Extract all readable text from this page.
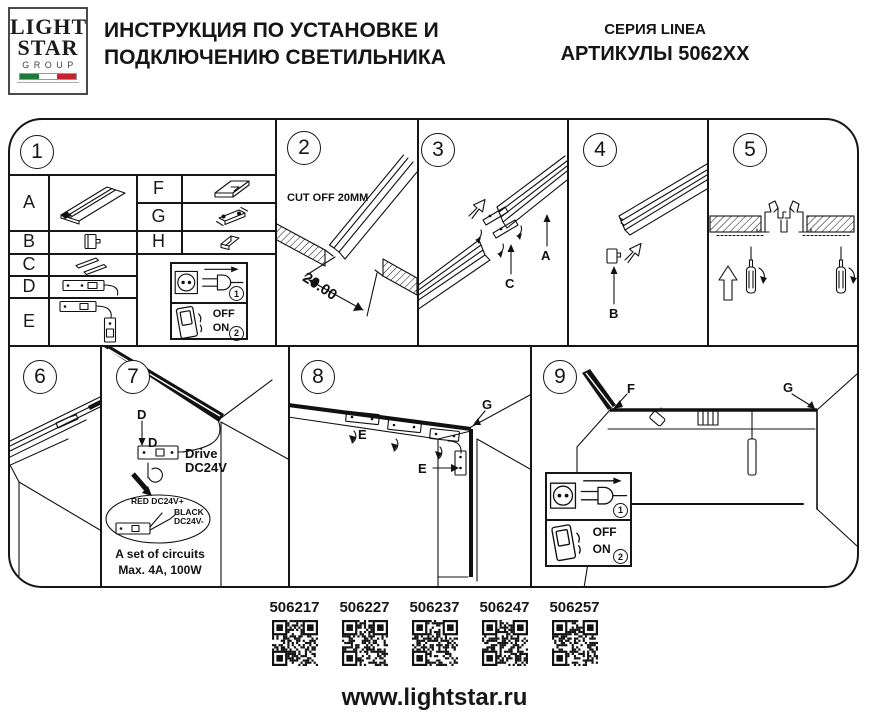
LIGHT
STAR
GROUP
ИНСТРУКЦИЯ ПО УСТАНОВКЕ И
ПОДКЛЮЧЕНИЮ СВЕТИЛЬНИКА
СЕРИЯ LINEA
АРТИКУЛЫ 5062XX
1
A
B
C
D
E
F
G
H
1
OFF
ON 2
2
CUT OFF 20MM
20.00
3
A
C
4
B
5
6	7
D
D
Drive
DC24V
RED DC24V+
BLACK
DC24V-
A set of circuits
Max. 4A, 100W
8
E
E
G
9
F	G
1
OFF
ON
2
506217	506227	506237	506247	506257
www.lightstar.ru
